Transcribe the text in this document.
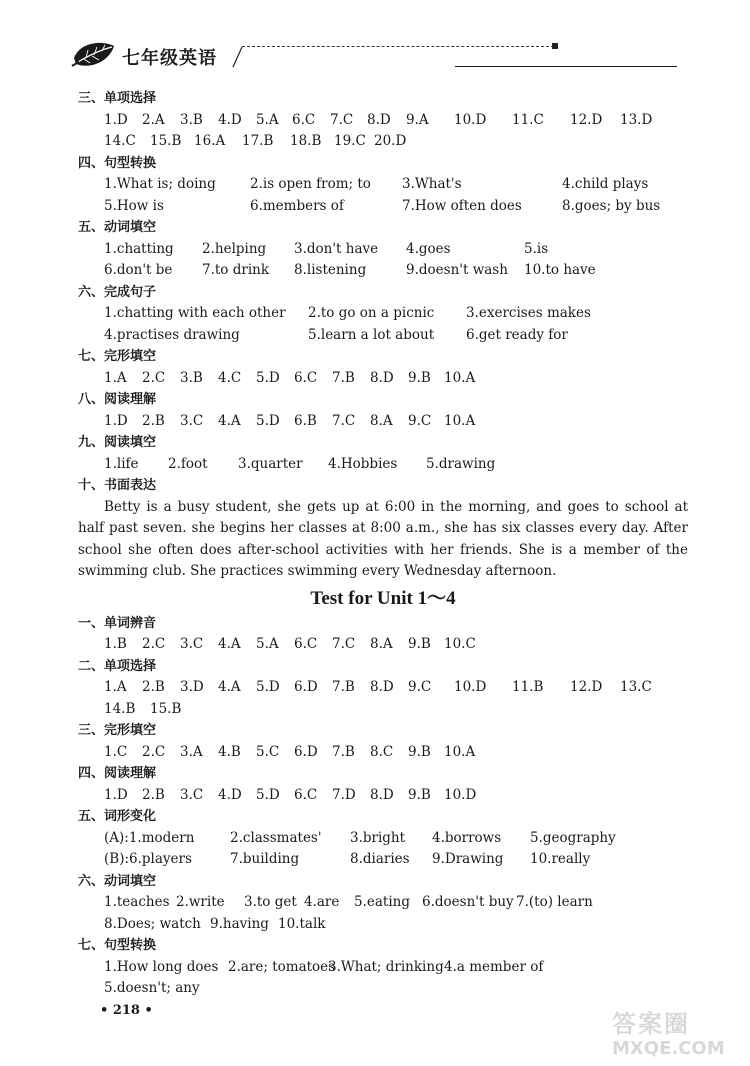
七年级英语
三、单项选择
1.D 2.A 3.B 4.D 5.A 6.C 7.C 8.D 9.A 10.D 11.C 12.D 13.D
14.C 15.B 16.A 17.B 18.B 19.C 20.D
四、句型转换
1.What is; doing	2.is open from; to 3.What's	4.child plays
5.How is	6.members of	7.How often does	8.goes; by bus
五、动词填空
1.chatting 2.helping 3.don't have 4.goes	5.is
6.don't be 7.to drink 8.listening	9.doesn't wash 10.to have
六、完成句子
1.chatting with each other 2.to go on a picnic 3.exercises makes
4.practises drawing	5.learn a lot about 6.get ready for
七、完形填空
1.A 2.C 3.B 4.C 5.D 6.C 7.B 8.D 9.B 10.A
八、阅读理解
1.D 2.B 3.C 4.A 5.D 6.B 7.C 8.A 9.C 10.A
九、阅读填空
1.life 2.foot 3.quarter 4.Hobbies 5.drawing
十、书面表达
Betty is a busy student, she gets up at 6:00 in the morning, and goes to school at half past seven. she begins her classes at 8:00 a.m., she has six classes every day. After school she often does after-school activities with her friends. She is a member of the swimming club. She practices swimming every Wednesday afternoon.
Test for Unit 1～4
一、单词辨音
1.B 2.C 3.C 4.A 5.A 6.C 7.C 8.A 9.B 10.C
二、单项选择
1.A 2.B 3.D 4.A 5.D 6.D 7.B 8.D 9.C 10.D 11.B 12.D 13.C
14.B 15.B
三、完形填空
1.C 2.C 3.A 4.B 5.C 6.D 7.B 8.C 9.B 10.A
四、阅读理解
1.D 2.B 3.C 4.D 5.D 6.C 7.D 8.D 9.B 10.D
五、词形变化
(A):1.modern	2.classmates' 3.bright 4.borrows 5.geography
(B):6.players	7.building	8.diaries 9.Drawing 10.really
六、动词填空
1.teaches 2.write 3.to get 4.are 5.eating 6.doesn't buy 7.(to) learn
8.Does; watch 9.having 10.talk
七、句型转换
1.How long does 2.are; tomatoes
3.What; drinking 4.a member of
5.doesn't; any
• 218 •	答案圈
MXQE.COM
